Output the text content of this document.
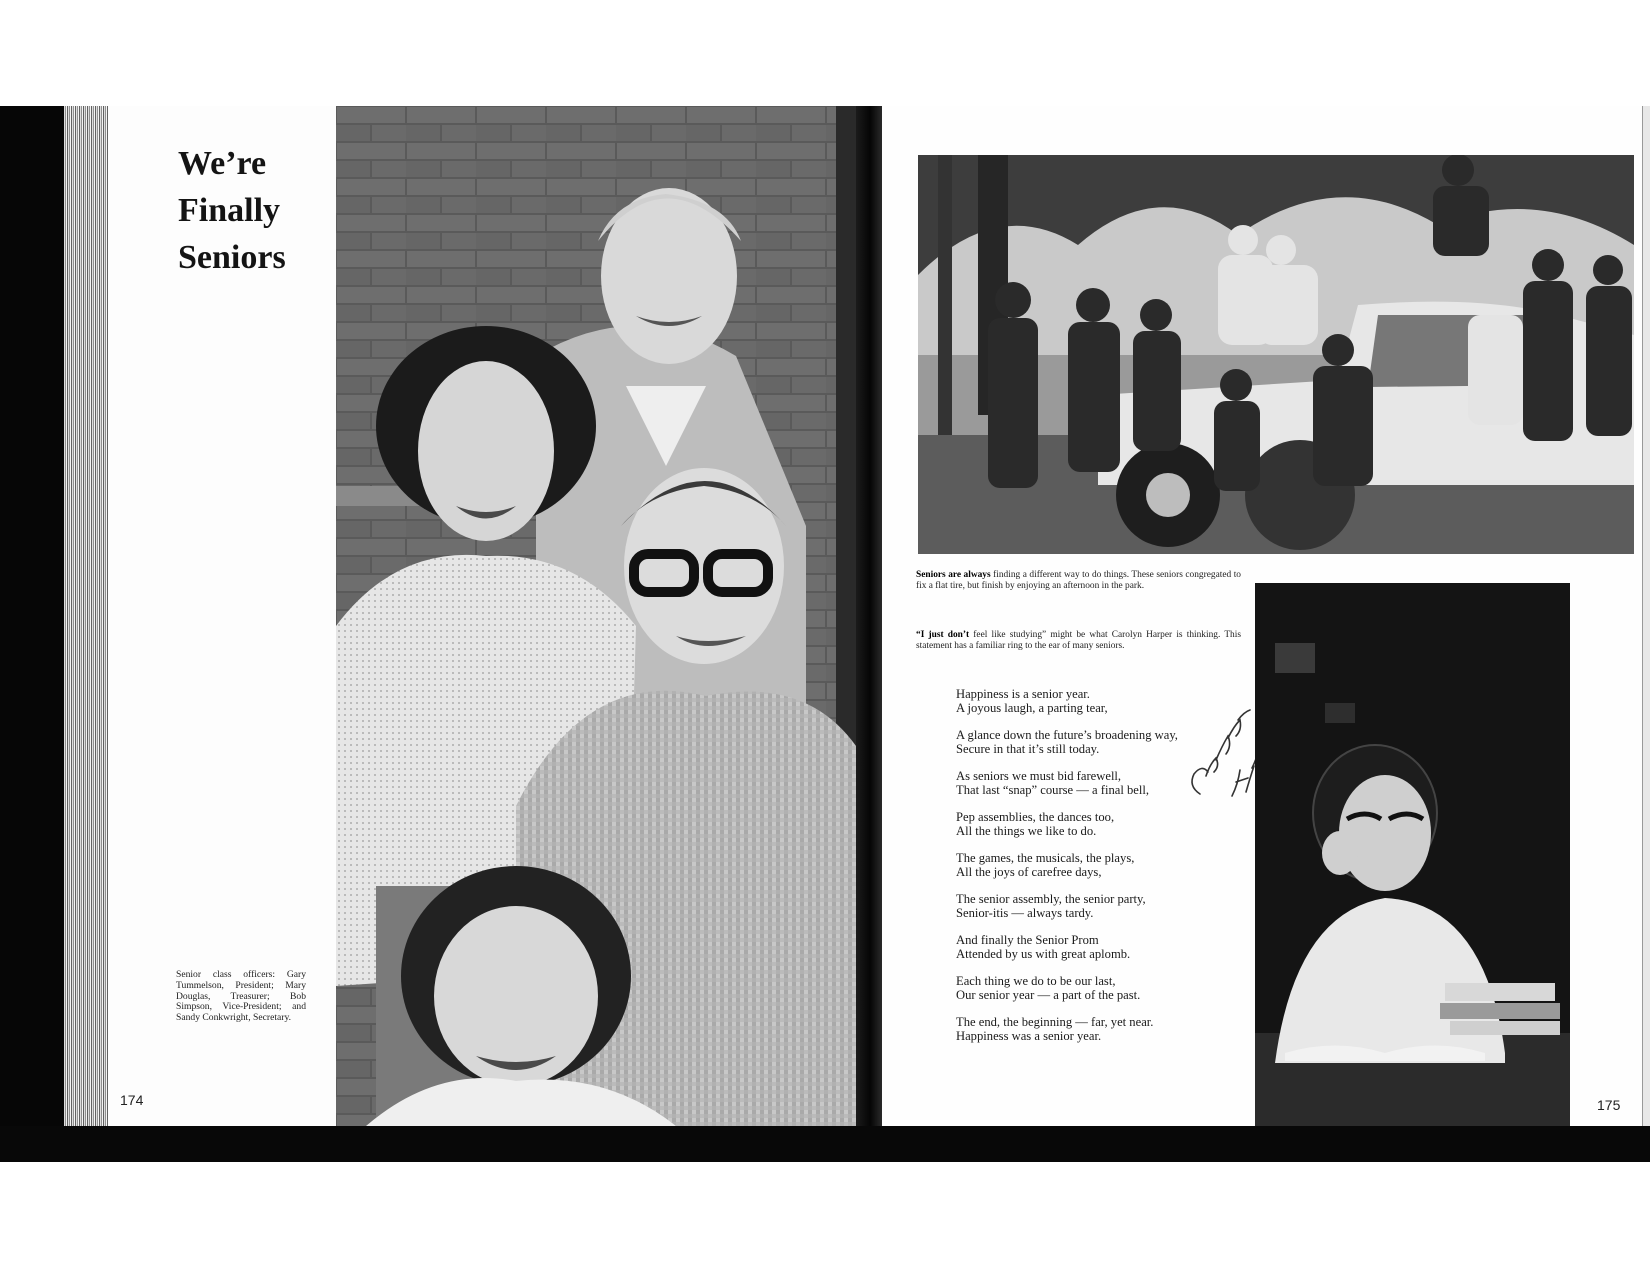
We’re
Finally
Seniors

Senior class officers: Gary Tummelson, President; Mary Douglas, Treasurer; Bob Simpson, Vice-President; and Sandy Conkwright, Secretary.

174

Seniors are always finding a different way to do things. These seniors congregated to fix a flat tire, but finish by enjoying an afternoon in the park.

“I just don’t feel like studying” might be what Carolyn Harper is thinking. This statement has a familiar ring to the ear of many seniors.

Happiness is a senior year.
A joyous laugh, a parting tear,
A glance down the future’s broadening way,
Secure in that it’s still today.
As seniors we must bid farewell,
That last “snap” course — a final bell,
Pep assemblies, the dances too,
All the things we like to do.
The games, the musicals, the plays,
All the joys of carefree days,
The senior assembly, the senior party,
Senior-itis — always tardy.
And finally the Senior Prom
Attended by us with great aplomb.
Each thing we do to be our last,
Our senior year — a part of the past.
The end, the beginning — far, yet near.
Happiness was a senior year.
175
